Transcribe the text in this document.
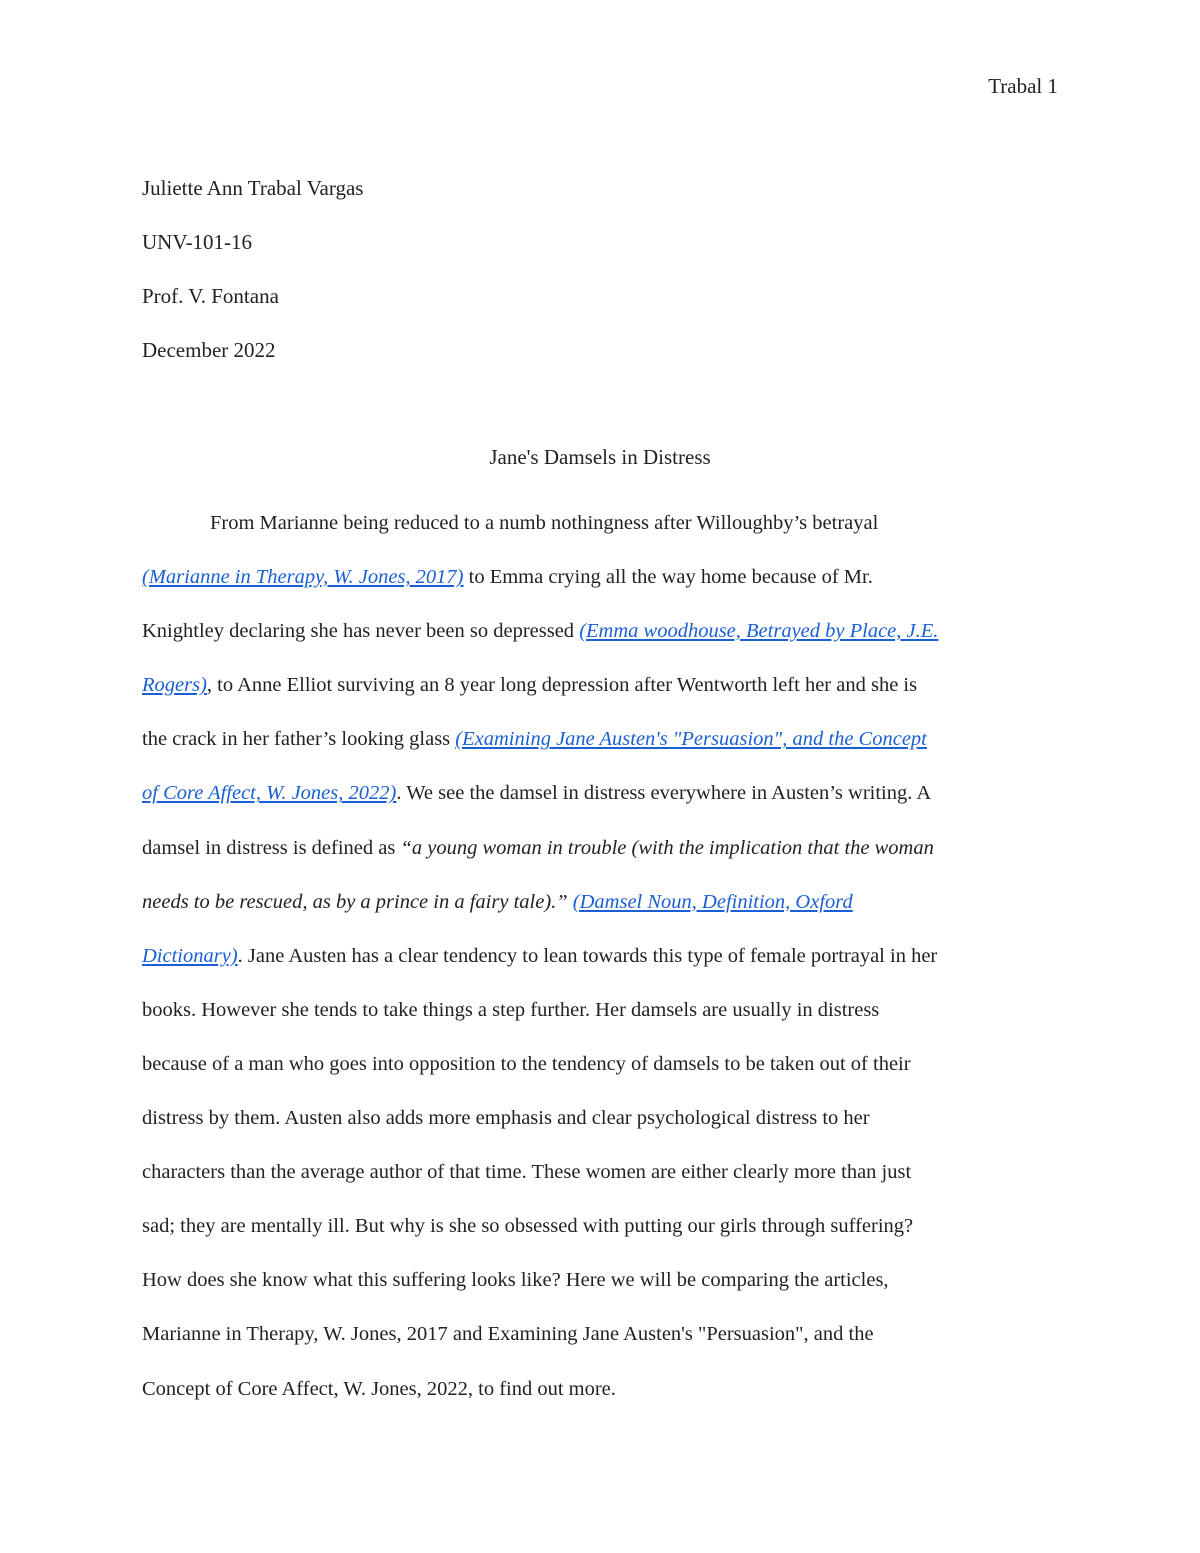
Trabal 1
Juliette Ann Trabal Vargas
UNV-101-16
Prof. V. Fontana
December 2022
Jane's Damsels in Distress
From Marianne being reduced to a numb nothingness after Willoughby’s betrayal
(Marianne in Therapy, W. Jones, 2017) to Emma crying all the way home because of Mr.
Knightley declaring she has never been so depressed (Emma woodhouse, Betrayed by Place, J.E.
Rogers), to Anne Elliot surviving an 8 year long depression after Wentworth left her and she is
the crack in her father’s looking glass (Examining Jane Austen's "Persuasion", and the Concept
of Core Affect, W. Jones, 2022). We see the damsel in distress everywhere in Austen’s writing. A
damsel in distress is defined as “a young woman in trouble (with the implication that the woman
needs to be rescued, as by a prince in a fairy tale).” (Damsel Noun, Definition, Oxford
Dictionary). Jane Austen has a clear tendency to lean towards this type of female portrayal in her
books. However she tends to take things a step further. Her damsels are usually in distress
because of a man who goes into opposition to the tendency of damsels to be taken out of their
distress by them. Austen also adds more emphasis and clear psychological distress to her
characters than the average author of that time. These women are either clearly more than just
sad; they are mentally ill. But why is she so obsessed with putting our girls through suffering?
How does she know what this suffering looks like? Here we will be comparing the articles,
Marianne in Therapy, W. Jones, 2017 and Examining Jane Austen's "Persuasion", and the
Concept of Core Affect, W. Jones, 2022, to find out more.
